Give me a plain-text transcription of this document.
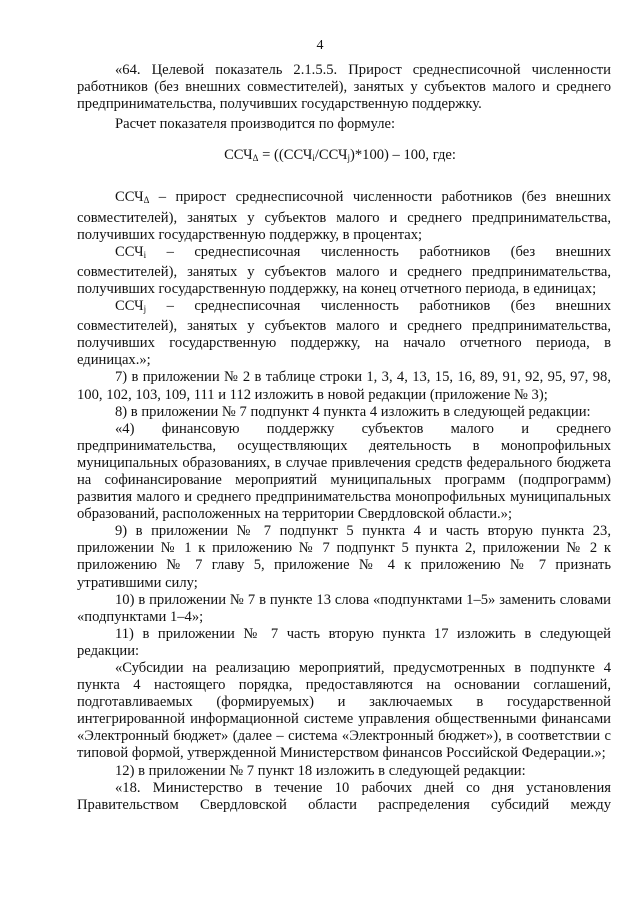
4

«64. Целевой показатель 2.1.5.5. Прирост среднесписочной численности работников (без внешних совместителей), занятых у субъектов малого и среднего предпринимательства, получивших государственную поддержку.

Расчет показателя производится по формуле:

$ССЧ_\Delta = ((ССЧ_i/ССЧ_j)*100) - 100$, где:

$ССЧ_\Delta$ – прирост среднесписочной численности работников (без внешних совместителей), занятых у субъектов малого и среднего предпринимательства, получивших государственную поддержку, в процентах;

$ССЧ_i$ – среднесписочная численность работников (без внешних совместителей), занятых у субъектов малого и среднего предпринимательства, получивших государственную поддержку, на конец отчетного периода, в единицах;

$ССЧ_j$ – среднесписочная численность работников (без внешних совместителей), занятых у субъектов малого и среднего предпринимательства, получивших государственную поддержку, на начало отчетного периода, в единицах.»;

7) в приложении № 2 в таблице строки 1, 3, 4, 13, 15, 16, 89, 91, 92, 95, 97, 98, 100, 102, 103, 109, 111 и 112 изложить в новой редакции (приложение № 3);

8) в приложении № 7 подпункт 4 пункта 4 изложить в следующей редакции:

«4) финансовую поддержку субъектов малого и среднего предпринимательства, осуществляющих деятельность в монопрофильных муниципальных образованиях, в случае привлечения средств федерального бюджета на софинансирование мероприятий муниципальных программ (подпрограмм) развития малого и среднего предпринимательства монопрофильных муниципальных образований, расположенных на территории Свердловской области.»;

9) в приложении № 7 подпункт 5 пункта 4 и часть вторую пункта 23, приложении № 1 к приложению № 7 подпункт 5 пункта 2, приложении № 2 к приложению № 7 главу 5, приложение № 4 к приложению № 7 признать утратившими силу;

10) в приложении № 7 в пункте 13 слова «подпунктами 1–5» заменить словами «подпунктами 1–4»;

11) в приложении № 7 часть вторую пункта 17 изложить в следующей редакции:

«Субсидии на реализацию мероприятий, предусмотренных в подпункте 4 пункта 4 настоящего порядка, предоставляются на основании соглашений, подготавливаемых (формируемых) и заключаемых в государственной интегрированной информационной системе управления общественными финансами «Электронный бюджет» (далее – система «Электронный бюджет»), в соответствии с типовой формой, утвержденной Министерством финансов Российской Федерации.»;

12) в приложении № 7 пункт 18 изложить в следующей редакции:

«18. Министерство в течение 10 рабочих дней со дня установления Правительством Свердловской области распределения субсидий между
